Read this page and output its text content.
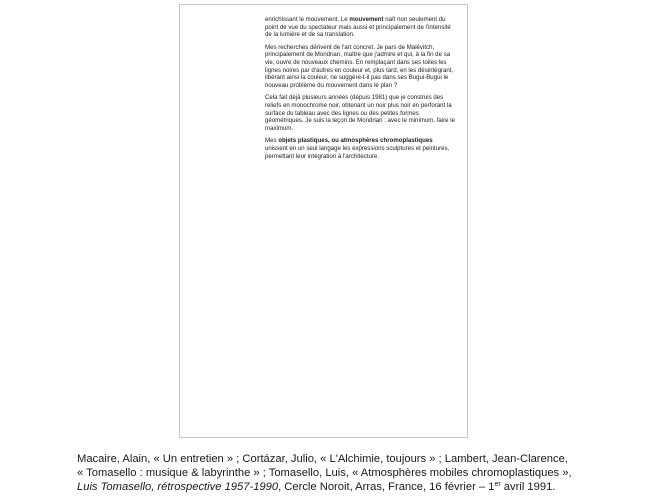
enrichissant le mouvement. Le mouvement naît non seulement du point de vue du spectateur mais aussi et principalement de l'intensité de la lumière et de sa translation.

Mes recherches dérivent de l'art concret. Je pars de Malévitch, principalement de Mondrian, maître que j'admire et qui, à la fin de sa vie, ouvre de nouveaux chemins. En remplaçant dans ses toiles les lignes noires par d'autres en couleur et, plus tard, en les désintégrant, libérant ainsi la couleur, ne suggère-t-il pas dans ses Bugui-Bugui le nouveau problème du mouvement dans le plan ?

Cela fait déjà plusieurs années (depuis 1981) que je construis des reliefs en monochrome noir, obtenant un noir plus noir en perforant la surface du tableau avec des lignes ou des petites formes géométriques. Je suis la leçon de Mondrian : avec le minimum, faire le maximum.

Mes objets plastiques, ou atmosphères chromoplastiques unissent en un seul langage les expressions sculptures et peintures, permettant leur intégration à l'architecture.

Macaire, Alain, « Un entretien » ; Cortázar, Julio, « L'Alchimie, toujours » ; Lambert, Jean-Clarence,
« Tomasello : musique & labyrinthe » ; Tomasello, Luis, « Atmosphères mobiles chromoplastiques »,
Luis Tomasello, rétrospective 1957-1990, Cercle Noroit, Arras, France, 16 février – 1er avril 1991.
